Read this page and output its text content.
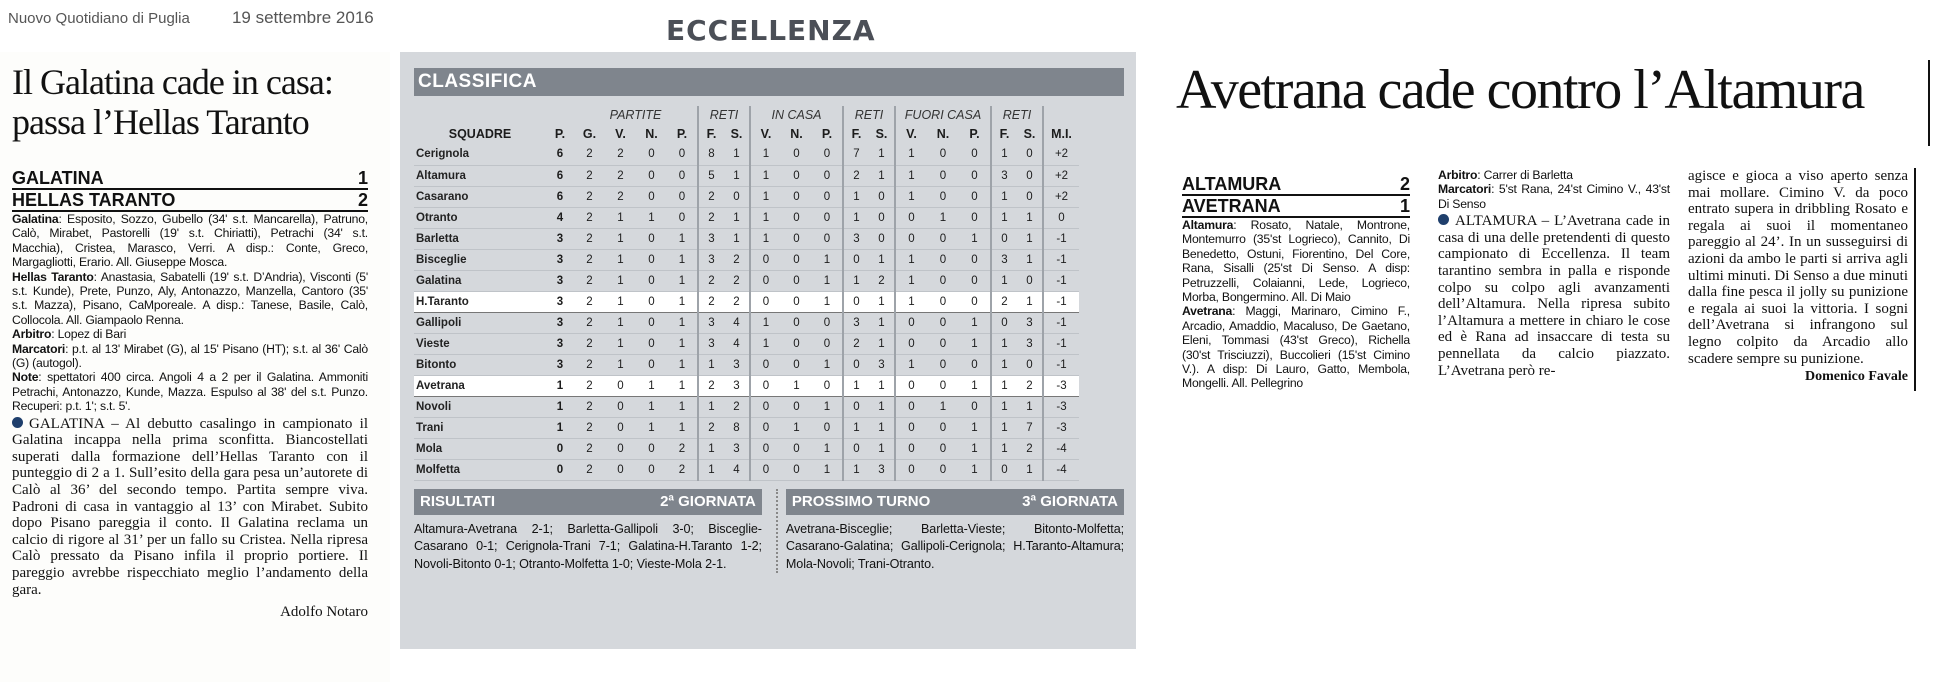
Nuovo Quotidiano di Puglia 19 settembre 2016	ECCELLENZA
Il Galatina cade in casa:
passa l’Hellas Taranto
GALATINA	1
HELLAS TARANTO	2
Galatina: Esposito, Sozzo, Gubello (34' s.t. Mancarella), Patruno, Calò, Mirabet, Pastorelli (19' s.t. Chiriatti), Petrachi (34' s.t. Macchia), Cristea, Marasco, Verri. A disp.: Conte, Greco, Margagliotti, Erario. All. Giuseppe Mosca.
Hellas Taranto: Anastasia, Sabatelli (19' s.t. D’Andria), Visconti (5' s.t. Kunde), Prete, Punzo, Aly, Antonazzo, Manzella, Cantoro (35' s.t. Mazza), Pisano, CaMporeale. A disp.: Tanese, Basile, Calò, Collocola. All. Giampaolo Renna.
Arbitro: Lopez di Bari
Marcatori: p.t. al 13' Mirabet (G), al 15' Pisano (HT); s.t. al 36' Calò (G) (autogol).
Note: spettatori 400 circa. Angoli 4 a 2 per il Galatina. Ammoniti Petrachi, Antonazzo, Kunde, Mazza. Espulso al 38' del s.t. Punzo. Recuperi: p.t. 1'; s.t. 5'.
GALATINA – Al debutto casalingo in campionato il Galatina incappa nella prima sconfitta. Biancostellati superati dalla formazione dell’Hellas Taranto con il punteggio di 2 a 1. Sull’esito della gara pesa un’autorete di Calò al 36’ del secondo tempo. Partita sempre viva. Padroni di casa in vantaggio al 13’ con Mirabet. Subito dopo Pisano pareggia il conto. Il Galatina reclama un calcio di rigore al 31’ per un fallo su Cristea. Nella ripresa Calò pressato da Pisano infila il proprio portiere. Il pareggio avrebbe rispecchiato meglio l’andamento della gara.
Adolfo Notaro
CLASSIFICA
		PARTITE				RETI		IN CASA			RETI		FUORI CASA			RETI		
SQUADRE	P.	G.	V.	N.	P.	F.	S.	V.	N.	P.	F.	S.	V.	N.	P.	F.	S.	M.I.
Cerignola	6	2	2	0	0	8	1	1	0	0	7	1	1	0	0	1	0	+2
Altamura	6	2	2	0	0	5	1	1	0	0	2	1	1	0	0	3	0	+2
Casarano	6	2	2	0	0	2	0	1	0	0	1	0	1	0	0	1	0	+2
Otranto	4	2	1	1	0	2	1	1	0	0	1	0	0	1	0	1	1	0
Barletta	3	2	1	0	1	3	1	1	0	0	3	0	0	0	1	0	1	-1
Bisceglie	3	2	1	0	1	3	2	0	0	1	0	1	1	0	0	3	1	-1
Galatina	3	2	1	0	1	2	2	0	0	1	1	2	1	0	0	1	0	-1
H.Taranto	3	2	1	0	1	2	2	0	0	1	0	1	1	0	0	2	1	-1
Gallipoli	3	2	1	0	1	3	4	1	0	0	3	1	0	0	1	0	3	-1
Vieste	3	2	1	0	1	3	4	1	0	0	2	1	0	0	1	1	3	-1
Bitonto	3	2	1	0	1	1	3	0	0	1	0	3	1	0	0	1	0	-1
Avetrana	1	2	0	1	1	2	3	0	1	0	1	1	0	0	1	1	2	-3
Novoli	1	2	0	1	1	1	2	0	0	1	0	1	0	1	0	1	1	-3
Trani	1	2	0	1	1	2	8	0	1	0	1	1	0	0	1	1	7	-3
Mola	0	2	0	0	2	1	3	0	0	1	0	1	0	0	1	1	2	-4
Molfetta	0	2	0	0	2	1	4	0	0	1	1	3	0	0	1	0	1	-4
RISULTATI	2ª GIORNATA
Altamura-Avetrana 2-1; Barletta-Gallipoli 3-0; Bisceglie-Casarano 0-1; Cerignola-Trani 7-1; Galatina-H.Taranto 1-2; Novoli-Bitonto 0-1; Otranto-Molfetta 1-0; Vieste-Mola 2-1.
PROSSIMO TURNO	3ª GIORNATA
Avetrana-Bisceglie; Barletta-Vieste; Bitonto-Molfetta; Casarano-Galatina; Gallipoli-Cerignola; H.Taranto-Altamura; Mola-Novoli; Trani-Otranto.
Avetrana cade contro l’Altamura
ALTAMURA	2
AVETRANA	1
Altamura: Rosato, Natale, Montrone, Montemurro (35'st Logrieco), Cannito, Di Benedetto, Ostuni, Fiorentino, Del Core, Rana, Sisalli (25'st Di Senso. A disp: Petruzzelli, Colaianni, Lede, Logrieco, Morba, Bongermino. All. Di Maio
Avetrana: Maggi, Marinaro, Cimino F., Arcadio, Amaddio, Macaluso, De Gaetano, Eleni, Tommasi (43'st Greco), Richella (30'st Trisciuzzi), Buccolieri (15'st Cimino V.). A disp: Di Lauro, Gatto, Membola, Mongelli. All. Pellegrino
Arbitro: Carrer di Barletta
Marcatori: 5'st Rana, 24'st Cimino V., 43'st Di Senso
ALTAMURA – L’Avetrana cade in casa di una delle pretendenti di questo campionato di Eccellenza. Il team tarantino sembra in palla e risponde colpo su colpo agli avanzamenti dell’Altamura. Nella ripresa subito l’Altamura a mettere in chiaro le cose ed è Rana ad insaccare di testa su pennellata da calcio piazzato. L’Avetrana però re-
agisce e gioca a viso aperto senza mai mollare. Cimino V. da poco entrato supera in dribbling Rosato e regala ai suoi il momentaneo pareggio al 24’. In un susseguirsi di azioni da ambo le parti si arriva agli ultimi minuti. Di Senso a due minuti dalla fine pesca il jolly su punizione e regala ai suoi la vittoria. I sogni dell’Avetrana si infrangono sul legno colpito da Arcadio allo scadere sempre su punizione.
Domenico Favale
